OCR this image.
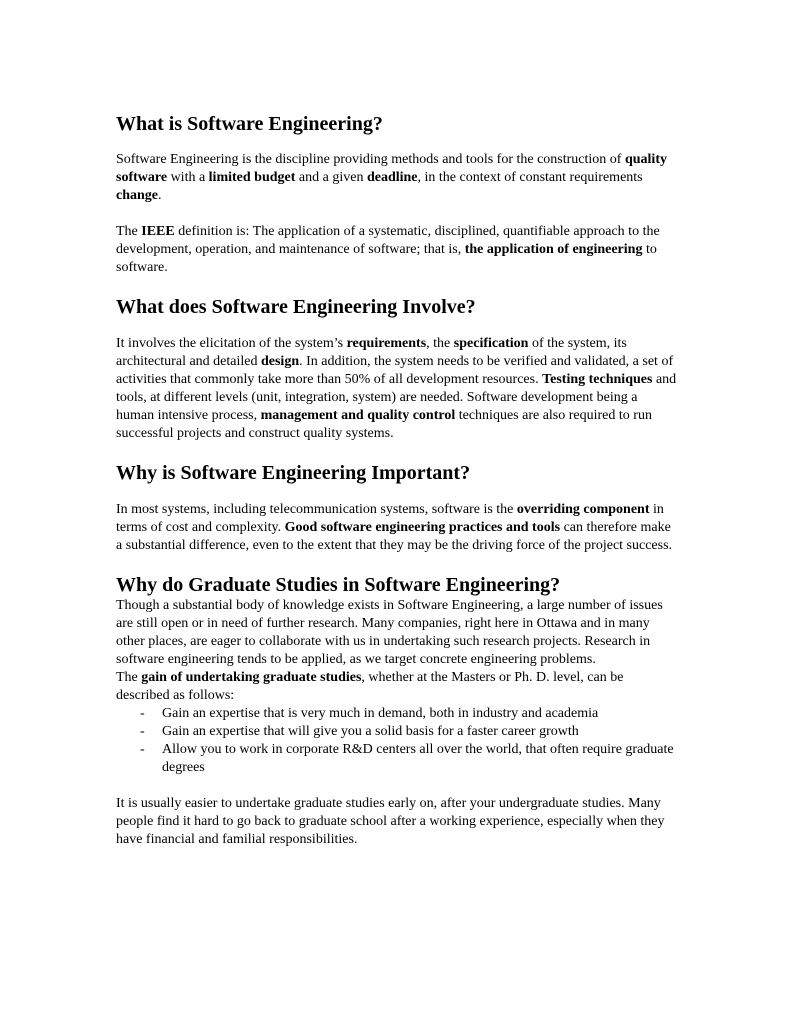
What is Software Engineering?

Software Engineering is the discipline providing methods and tools for the construction of quality software with a limited budget and a given deadline, in the context of constant requirements change.

The IEEE definition is: The application of a systematic, disciplined, quantifiable approach to the development, operation, and maintenance of software; that is, the application of engineering to software.

What does Software Engineering Involve?

It involves the elicitation of the system’s requirements, the specification of the system, its architectural and detailed design. In addition, the system needs to be verified and validated, a set of activities that commonly take more than 50% of all development resources. Testing techniques and tools, at different levels (unit, integration, system) are needed. Software development being a human intensive process, management and quality control techniques are also required to run successful projects and construct quality systems.

Why is Software Engineering Important?

In most systems, including telecommunication systems, software is the overriding component in terms of cost and complexity. Good software engineering practices and tools can therefore make a substantial difference, even to the extent that they may be the driving force of the project success.

Why do Graduate Studies in Software Engineering?

Though a substantial body of knowledge exists in Software Engineering, a large number of issues are still open or in need of further research. Many companies, right here in Ottawa and in many other places, are eager to collaborate with us in undertaking such research projects. Research in software engineering tends to be applied, as we target concrete engineering problems.

The gain of undertaking graduate studies, whether at the Masters or Ph. D. level, can be described as follows:

- Gain an expertise that is very much in demand, both in industry and academia
- Gain an expertise that will give you a solid basis for a faster career growth
- Allow you to work in corporate R&D centers all over the world, that often require graduate degrees

It is usually easier to undertake graduate studies early on, after your undergraduate studies. Many people find it hard to go back to graduate school after a working experience, especially when they have financial and familial responsibilities.
